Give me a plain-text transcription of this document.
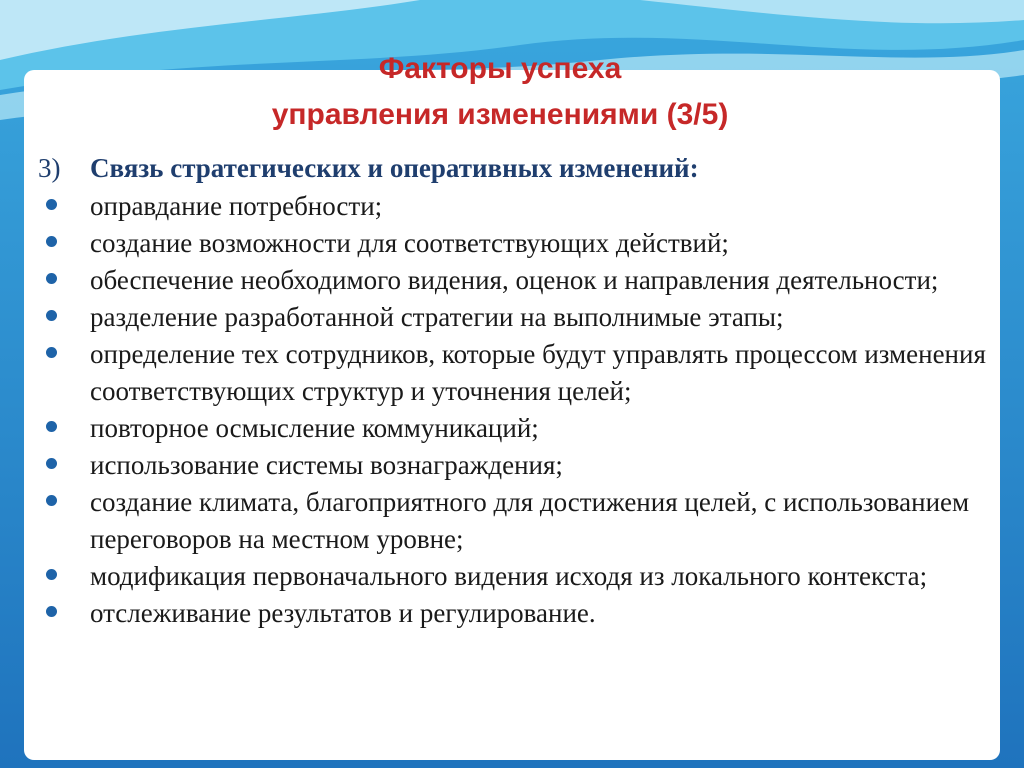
Факторы успеха
управления изменениями (3/5)
3)	Связь стратегических и оперативных изменений:
оправдание потребности;
создание возможности для соответствующих действий;
обеспечение необходимого видения, оценок и направления деятельности;
разделение разработанной стратегии на выполнимые этапы;
определение тех сотрудников, которые будут управлять процессом изменения соответствующих структур и уточнения целей;
повторное осмысление коммуникаций;
использование системы вознаграждения;
создание климата, благоприятного для достижения целей, с использованием переговоров на местном уровне;
модификация первоначального видения исходя из локального контекста;
отслеживание результатов и регулирование.
